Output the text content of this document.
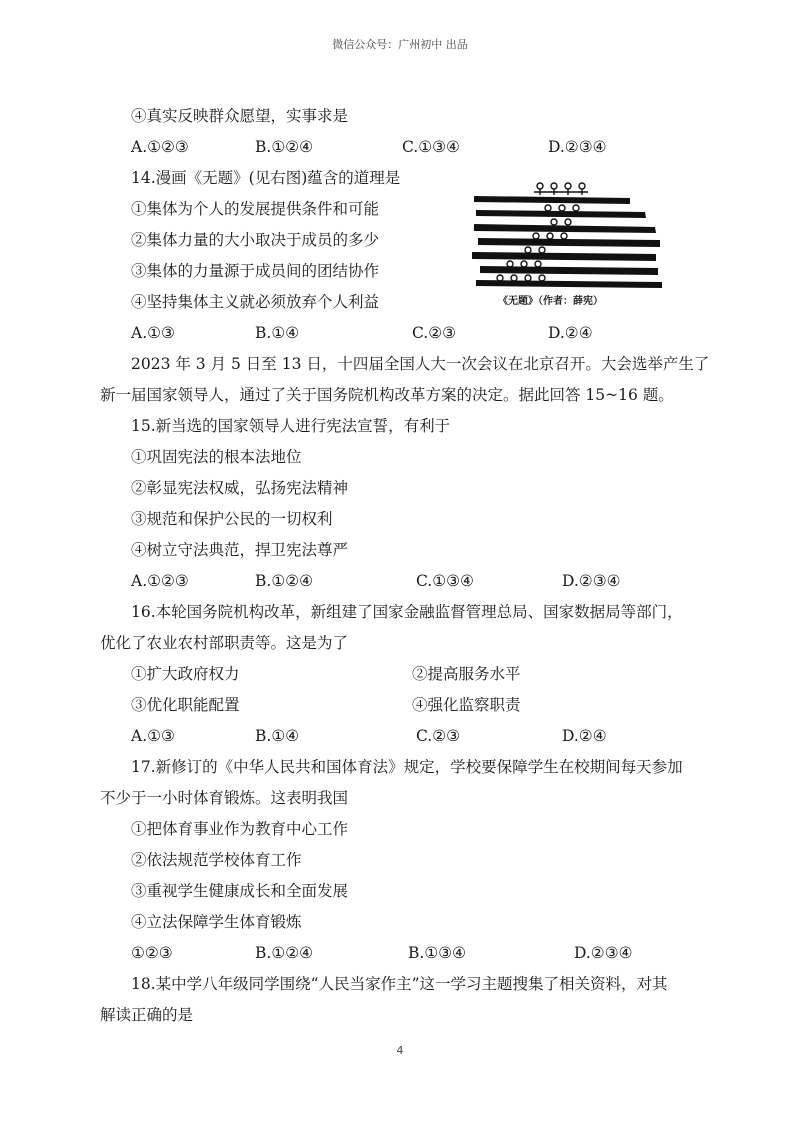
微信公众号：广州初中 出品
④真实反映群众愿望，实事求是
A.①②③	B.①②④	C.①③④	D.②③④
14.漫画《无题》(见右图)蕴含的道理是
①集体为个人的发展提供条件和可能
②集体力量的大小取决于成员的多少
③集体的力量源于成员间的团结协作
④坚持集体主义就必须放弃个人利益
A.①③	B.①④	C.②③	D.②④
《无题》（作者：薛宪）
2023 年 3 月 5 日至 13 日，十四届全国人大一次会议在北京召开。大会选举产生了
新一届国家领导人，通过了关于国务院机构改革方案的决定。据此回答 15~16 题。
15.新当选的国家领导人进行宪法宣誓，有利于
①巩固宪法的根本法地位
②彰显宪法权威，弘扬宪法精神
③规范和保护公民的一切权利
④树立守法典范，捍卫宪法尊严
A.①②③	B.①②④	C.①③④	D.②③④
16.本轮国务院机构改革，新组建了国家金融监督管理总局、国家数据局等部门，
优化了农业农村部职责等。这是为了
①扩大政府权力	②提高服务水平
③优化职能配置	④强化监察职责
A.①③	B.①④	C.②③	D.②④
17.新修订的《中华人民共和国体育法》规定，学校要保障学生在校期间每天参加
不少于一小时体育锻炼。这表明我国
①把体育事业作为教育中心工作
②依法规范学校体育工作
③重视学生健康成长和全面发展
④立法保障学生体育锻炼
①②③	B.①②④	B.①③④	D.②③④
18.某中学八年级同学围绕“人民当家作主”这一学习主题搜集了相关资料，对其
解读正确的是
4
